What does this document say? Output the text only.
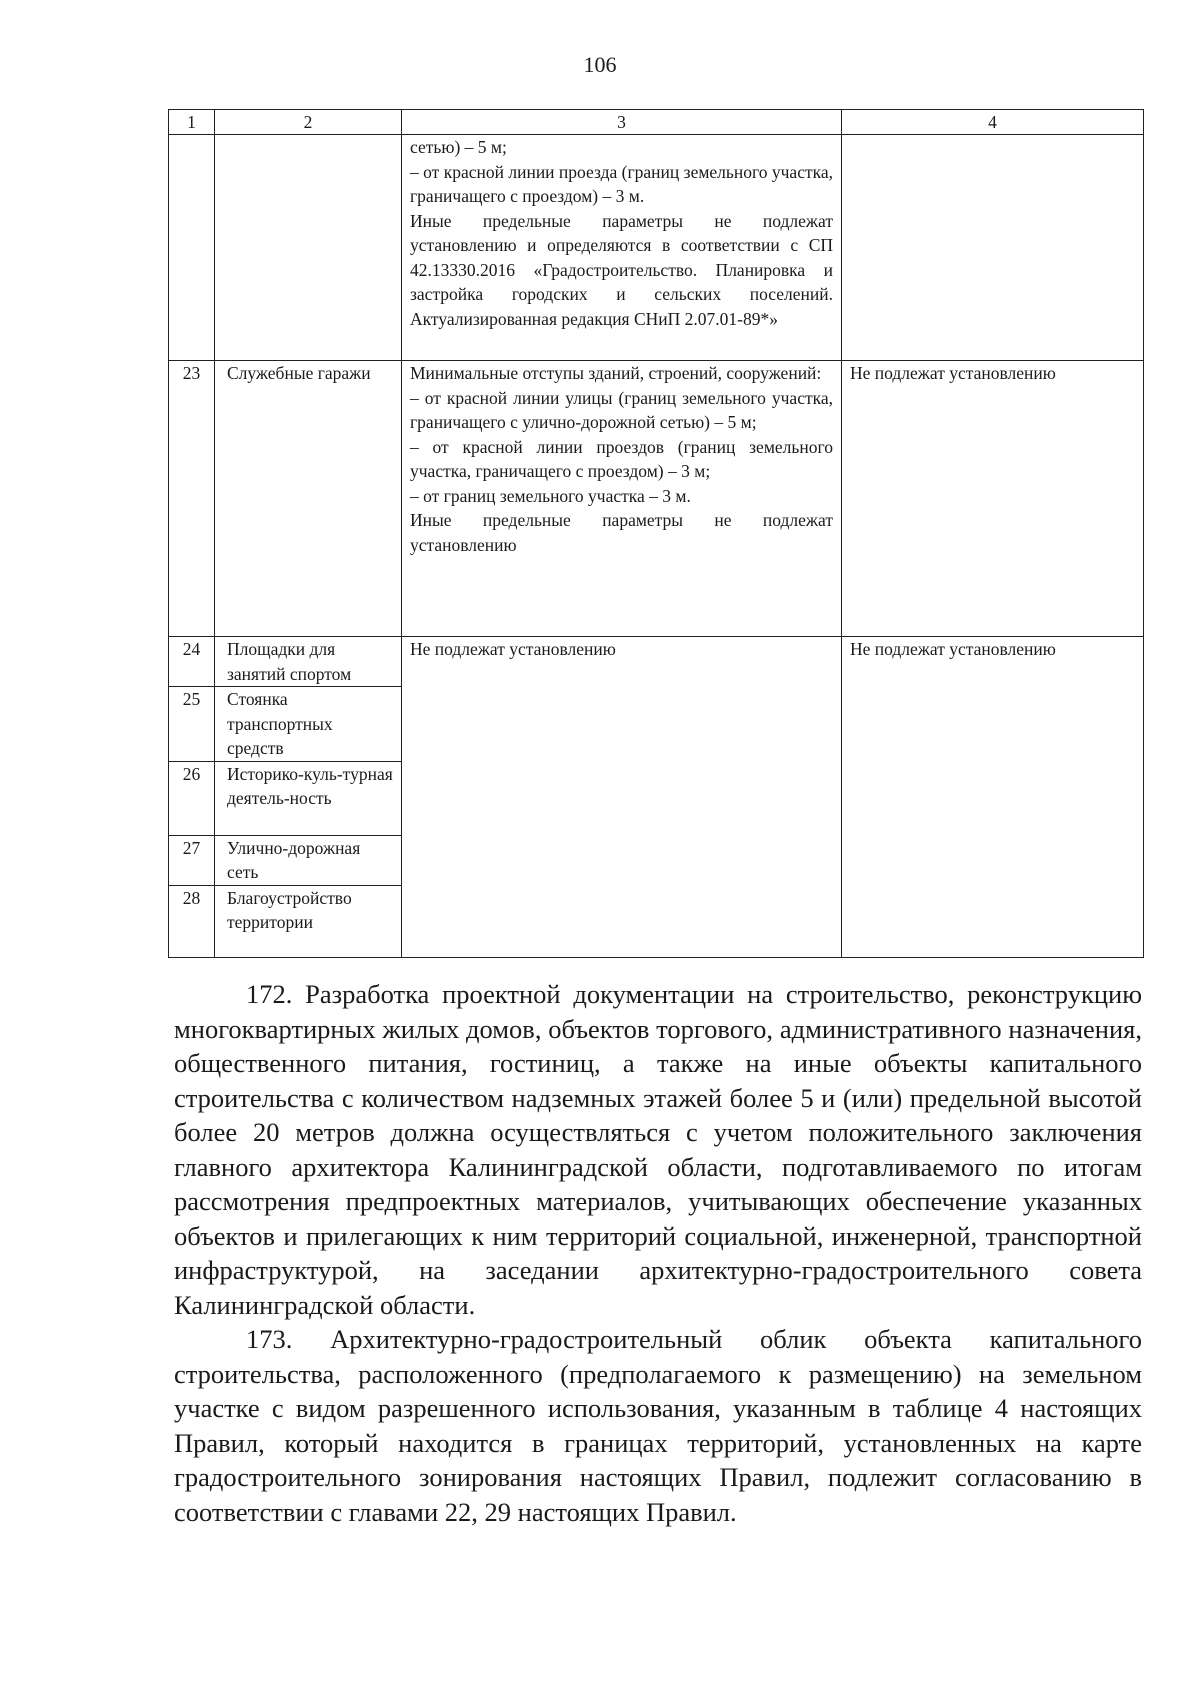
106
1	2	3	4

		сетью) – 5 м;
– от красной линии проезда (границ земельного участка, граничащего с проездом) – 3 м.
Иные предельные параметры не подлежат установлению и определяются в соответствии с СП 42.13330.2016 «Градостроительство. Планировка и застройка городских и сельских поселений. Актуализированная редакция СНиП 2.07.01-89*»	

23	Служебные гаражи	Минимальные отступы зданий, строений, сооружений:
– от красной линии улицы (границ земельного участка, граничащего с улично-дорожной сетью) – 5 м;
– от красной линии проездов (границ земельного участка, граничащего с проездом) – 3 м;
– от границ земельного участка – 3 м.
Иные предельные параметры не подлежат установлению	Не подлежат установлению
24	Площадки для занятий спортом	Не подлежат установлению	Не подлежат установлению
25	Стоянка транспортных средств		
26	Историко-куль-турная деятель-ность		
27	Улично-дорожная сеть		
28	Благоустройство территории		

172. Разработка проектной документации на строительство, реконструкцию многоквартирных жилых домов, объектов торгового, административного назначения, общественного питания, гостиниц, а также на иные объекты капитального строительства с количеством надземных этажей более 5 и (или) предельной высотой более 20 метров должна осуществляться с учетом положительного заключения главного архитектора Калининградской области, подготавливаемого по итогам рассмотрения предпроектных материалов, учитывающих обеспечение указанных объектов и прилегающих к ним территорий социальной, инженерной, транспортной инфраструктурой, на заседании архитектурно-градостроительного совета Калининградской области.

173. Архитектурно-градостроительный облик объекта капитального строительства, расположенного (предполагаемого к размещению) на земельном участке с видом разрешенного использования, указанным в таблице 4 настоящих Правил, который находится в границах территорий, установленных на карте градостроительного зонирования настоящих Правил, подлежит согласованию в соответствии с главами 22, 29 настоящих Правил.
